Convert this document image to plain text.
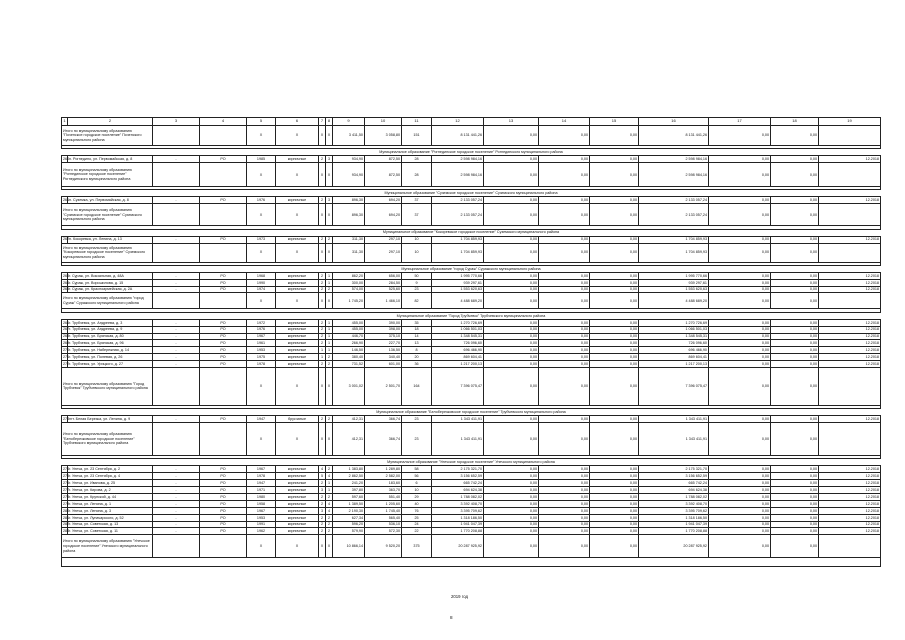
1	2	3	4	5	6	7	8	9	10	11	12	13	14	15	16	17	18	19
Итого по муниципальному образованию "Почепское городское поселение" Почепского муниципального района				X	X	X	X	3 411,50	3 058,80	151	8 131 441,26	0,00	0,00	0,00	8 131 441,26	0,00	0,00	

Муниципальное образование "Рогнединское городское поселение" Рогнединского муниципального района																		
260	п. Рогнедино, ул. Первомайская, д. 8	-	PO	1985	кирпичные	2	3	934,90	872,50	28	2 598 984,16	0,00	0,00	0,00	2 598 984,16	0,00	0,00	12.2018
Итого по муниципальному образованию "Рогнединское городское поселение" Рогнединского муниципального района				X	X	X	X	934,90	872,50	28	2 598 984,16	0,00	0,00	0,00	2 598 984,16	0,00	0,00	

Муниципальное образование "Суземское городское поселение" Суземского муниципального района																		
261	п. Суземка, ул. Первомайская, д. 8	-	PO	1976	кирпичные	2	3	896,30	694,20	37	2 133 057,24	0,00	0,00	0,00	2 133 057,24	0,00	0,00	12.2018
Итого по муниципальному образованию "Суземское городское поселение" Суземского муниципального района				X	X	X	X	896,30	694,20	37	2 133 057,24	0,00	0,00	0,00	2 133 057,24	0,00	0,00	

Муниципальное образование "Кокоревское городское поселение" Суземского муниципального района																		
262	п. Кокоревка, ул. Ленина, д. 13	-	PO	1973	кирпичные	2	2	311,30	297,10	10	1 704 859,93	0,00	0,00	0,00	1 704 859,93	0,00	0,00	12.2018
Итого по муниципальному образованию "Кокоревское городское поселение" Суземского муниципального района				X	X	X	X	311,30	297,10	10	1 704 859,93	0,00	0,00	0,00	1 704 859,93	0,00	0,00	

Муниципальное образование "город Сураж" Суражского муниципального района																		
263	г. Сураж, ул. Вокзальная, д. 48А	-	PO	1968	кирпичные	2	1	862,20	656,00	50	1 995 770,66	0,00	0,00	0,00	1 995 770,66	0,00	0,00	12.2018
264	г. Сураж, ул. Ворошилова, д. 15	-	PO	1990	кирпичные	2	1	300,00	284,50	9	939 297,61	0,00	0,00	0,00	939 297,61	0,00	0,00	12.2018
265	г. Сураж, ул. Красноармейская, д. 2А	-	PO	1974	кирпичные	2	2	574,00	525,60	23	1 553 620,63	0,00	0,00	0,00	1 553 620,63	0,00	0,00	12.2018
Итого по муниципальному образованию "город Сураж" Суражского муниципального района				X	X	X	X	1 745,20	1 466,10	82	4 488 689,20	0,00	0,00	0,00	4 488 689,20	0,00	0,00	

Муниципальное образование "Город Трубчевск" Трубчевского муниципального района																		
266	г. Трубчевск, ул. Андреева, д. 3	-	PO	1972	кирпичные	2	1	455,00	390,00	35	1 270 726,69	0,00	0,00	0,00	1 270 726,69	0,00	0,00	12.2018
267	г. Трубчевск, ул. Андреева, д. 9	-	PO	1976	кирпичные	2	1	455,00	398,00	18	1 066 501,03	0,00	0,00	0,00	1 066 501,03	0,00	0,00	12.2018
268	г. Трубчевск, ул. Брянская, д. 80	-	PO	1967	кирпичные	2	1	446,70	375,10	14	1 348 545,31	0,00	0,00	0,00	1 348 545,31	0,00	0,00	12.2018
269	г. Трубчевск, ул. Брянская, д. 96	-	PO	1961	кирпичные	2	1	266,90	227,70	13	726 096,60	0,00	0,00	0,00	726 096,60	0,00	0,00	12.2018
270	г. Трубчевск, ул. Набережная, д. 14	-	PO	1953	кирпичные	1	1	146,50	136,50	8	696 466,90	0,00	0,00	0,00	696 466,90	0,00	0,00	12.2018
271	г. Трубчевск, ул. Полевая, д. 26	-	PO	1975	кирпичные	1	2	380,40	340,40	20	869 604,41	0,00	0,00	0,00	869 604,41	0,00	0,00	12.2018
272	г. Трубчевск, ул. Урицкого, д. 27	-	PO	1978	кирпичные	2	2	731,52	601,00	36	1 217 200,13	0,00	0,00	0,00	1 217 200,13	0,00	0,00	12.2018
Итого по муниципальному образованию "Город Трубчевск" Трубчевского муниципального района				X	X	X	X	3 001,02	2 501,70	164	7 396 075,47	0,00	0,00	0,00	7 396 075,47	0,00	0,00	

Муниципальное образование "Белоберезковское городское поселение" Трубчевского муниципального района																		
273	пгт. Белая Березка, ул. Ленина, д. 9	-	PO	1947	брусчатые	2	2	412,31	366,74	23	1 343 411,91	0,00	0,00	0,00	1 343 411,91	0,00	0,00	12.2018
Итого по муниципальному образованию "Белоберезковское городское поселение" Трубчевского муниципального района				X	X	X	X	412,31	366,74	23	1 343 411,91	0,00	0,00	0,00	1 343 411,91	0,00	0,00	

Муниципальное образование "Унечское городское поселение" Унечского муниципального района																		
274	г. Унеча, ул. 23 Сентября, д. 2	-	PO	1967	кирпичные	4	2	1 383,80	1 289,80	58	2 175 321,70	0,00	0,00	0,00	2 175 321,70	0,00	0,00	12.2018
275	г. Унеча, ул. 23 Сентября, д. 4	-	PO	1978	кирпичные	5	4	2 862,50	2 582,00	56	3 156 652,59	0,00	0,00	0,00	3 156 652,59	0,00	0,00	12.2018
276	г. Унеча, ул. Иванова, д. 25	-	PO	1947	кирпичные	2	1	241,20	183,60	6	665 742,24	0,00	0,00	0,00	665 742,24	0,00	0,00	12.2018
277	г. Унеча, ул. Кирова, д. 2	-	PO	1971	кирпичные	3	1	397,80	363,70	10	694 624,38	0,00	0,00	0,00	694 624,38	0,00	0,00	12.2018
278	г. Унеча, ул. Крупской, д. 44	-	PO	1980	кирпичные	2	2	597,60	551,40	29	1 788 082,02	0,00	0,00	0,00	1 788 082,02	0,00	0,00	12.2018
279	г. Унеча, ул. Ленина, д. 1	-	PO	1958	кирпичные	2	4	1 389,50	1 205,60	40	3 392 408,70	0,00	0,00	0,00	3 392 408,70	0,00	0,00	12.2018
280	г. Унеча, ул. Ленина, д. 3	-	PO	1967	кирпичные	3	4	2 190,30	1 745,40	76	3 395 709,62	0,00	0,00	0,00	3 395 709,62	0,00	0,00	12.2018
281	г. Унеча, ул. Луначарского, д. 52	-	PO	1953	кирпичные	2	2	627,34	565,40	25	1 318 186,50	0,00	0,00	0,00	1 318 186,50	0,00	0,00	12.2018
282	г. Унеча, ул. Советская, д. 13	-	PO	1991	кирпичные	2	2	596,20	536,10	24	1 941 047,39	0,00	0,00	0,00	1 941 047,39	0,00	0,00	12.2018
283	г. Унеча, ул. Советская, д. 11	-	PO	1962	кирпичные	2	2	579,90	572,30	22	1 770 208,88	0,00	0,00	0,00	1 770 208,88	0,00	0,00	12.2018
Итого по муниципальному образованию "Унечское городское поселение" Унечского муниципального района				X	X	X	X	10 866,14	9 520,20	375	20 287 925,92	0,00	0,00	0,00	20 287 925,92	0,00	0,00	

2019 год
8
